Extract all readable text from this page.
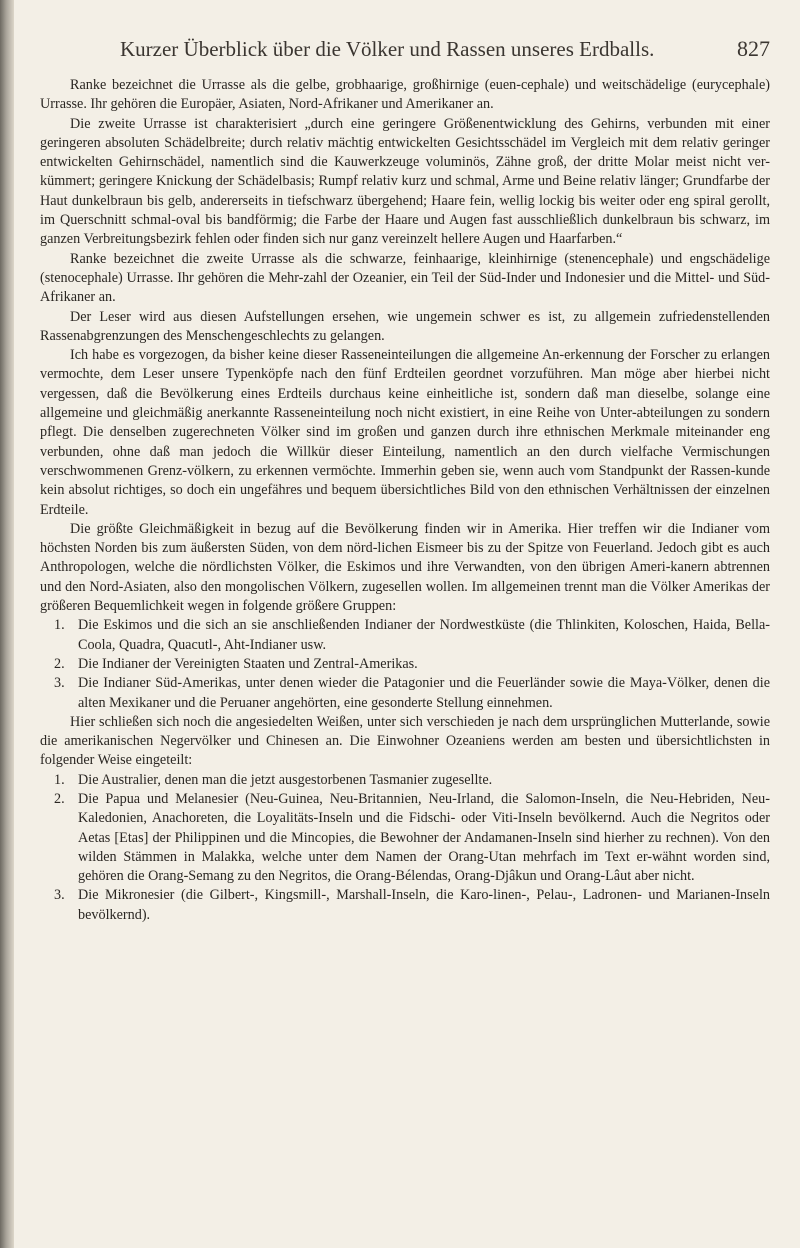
Kurzer Überblick über die Völker und Rassen unseres Erdballs.	827

Ranke bezeichnet die Urrasse als die gelbe, grobhaarige, großhirnige (euen-cephale) und weitschädelige (eurycephale) Urrasse. Ihr gehören die Europäer, Asiaten, Nord-Afrikaner und Amerikaner an.

Die zweite Urrasse ist charakterisiert „durch eine geringere Größenentwicklung des Gehirns, verbunden mit einer geringeren absoluten Schädelbreite; durch relativ mächtig entwickelten Gesichtsschädel im Vergleich mit dem relativ geringer entwickelten Gehirnschädel, namentlich sind die Kauwerkzeuge voluminös, Zähne groß, der dritte Molar meist nicht ver-kümmert; geringere Knickung der Schädelbasis; Rumpf relativ kurz und schmal, Arme und Beine relativ länger; Grundfarbe der Haut dunkelbraun bis gelb, andererseits in tiefschwarz übergehend; Haare fein, wellig lockig bis weiter oder eng spiral gerollt, im Querschnitt schmal-oval bis bandförmig; die Farbe der Haare und Augen fast ausschließlich dunkelbraun bis schwarz, im ganzen Verbreitungsbezirk fehlen oder finden sich nur ganz vereinzelt hellere Augen und Haarfarben.“

Ranke bezeichnet die zweite Urrasse als die schwarze, feinhaarige, kleinhirnige (stenencephale) und engschädelige (stenocephale) Urrasse. Ihr gehören die Mehr-zahl der Ozeanier, ein Teil der Süd-Inder und Indonesier und die Mittel- und Süd-Afrikaner an.

Der Leser wird aus diesen Aufstellungen ersehen, wie ungemein schwer es ist, zu allgemein zufriedenstellenden Rassenabgrenzungen des Menschengeschlechts zu gelangen.

Ich habe es vorgezogen, da bisher keine dieser Rasseneinteilungen die allgemeine An-erkennung der Forscher zu erlangen vermochte, dem Leser unsere Typenköpfe nach den fünf Erdteilen geordnet vorzuführen. Man möge aber hierbei nicht vergessen, daß die Bevölkerung eines Erdteils durchaus keine einheitliche ist, sondern daß man dieselbe, solange eine allgemeine und gleichmäßig anerkannte Rasseneinteilung noch nicht existiert, in eine Reihe von Unter-abteilungen zu sondern pflegt. Die denselben zugerechneten Völker sind im großen und ganzen durch ihre ethnischen Merkmale miteinander eng verbunden, ohne daß man jedoch die Willkür dieser Einteilung, namentlich an den durch vielfache Vermischungen verschwommenen Grenz-völkern, zu erkennen vermöchte. Immerhin geben sie, wenn auch vom Standpunkt der Rassen-kunde kein absolut richtiges, so doch ein ungefähres und bequem übersichtliches Bild von den ethnischen Verhältnissen der einzelnen Erdteile.

Die größte Gleichmäßigkeit in bezug auf die Bevölkerung finden wir in Amerika. Hier treffen wir die Indianer vom höchsten Norden bis zum äußersten Süden, von dem nörd-lichen Eismeer bis zu der Spitze von Feuerland. Jedoch gibt es auch Anthropologen, welche die nördlichsten Völker, die Eskimos und ihre Verwandten, von den übrigen Ameri-kanern abtrennen und den Nord-Asiaten, also den mongolischen Völkern, zugesellen wollen. Im allgemeinen trennt man die Völker Amerikas der größeren Bequemlichkeit wegen in folgende größere Gruppen:

1. Die Eskimos und die sich an sie anschließenden Indianer der Nordwestküste (die Thlinkiten, Koloschen, Haida, Bella-Coola, Quadra, Quacutl-, Aht-Indianer usw.
2. Die Indianer der Vereinigten Staaten und Zentral-Amerikas.
3. Die Indianer Süd-Amerikas, unter denen wieder die Patagonier und die Feuerländer sowie die Maya-Völker, denen die alten Mexikaner und die Peruaner angehörten, eine gesonderte Stellung einnehmen.

Hier schließen sich noch die angesiedelten Weißen, unter sich verschieden je nach dem ursprünglichen Mutterlande, sowie die amerikanischen Negervölker und Chinesen an. Die Einwohner Ozeaniens werden am besten und übersichtlichsten in folgender Weise eingeteilt:

1. Die Australier, denen man die jetzt ausgestorbenen Tasmanier zugesellte.
2. Die Papua und Melanesier (Neu-Guinea, Neu-Britannien, Neu-Irland, die Salomon-Inseln, die Neu-Hebriden, Neu-Kaledonien, Anachoreten, die Loyalitäts-Inseln und die Fidschi- oder Viti-Inseln bevölkernd. Auch die Negritos oder Aetas [Etas] der Philippinen und die Mincopies, die Bewohner der Andamanen-Inseln sind hierher zu rechnen). Von den wilden Stämmen in Malakka, welche unter dem Namen der Orang-Utan mehrfach im Text er-wähnt worden sind, gehören die Orang-Semang zu den Negritos, die Orang-Bélendas, Orang-Djâkun und Orang-Lâut aber nicht.
3. Die Mikronesier (die Gilbert-, Kingsmill-, Marshall-Inseln, die Karo-linen-, Pelau-, Ladronen- und Marianen-Inseln bevölkernd).
